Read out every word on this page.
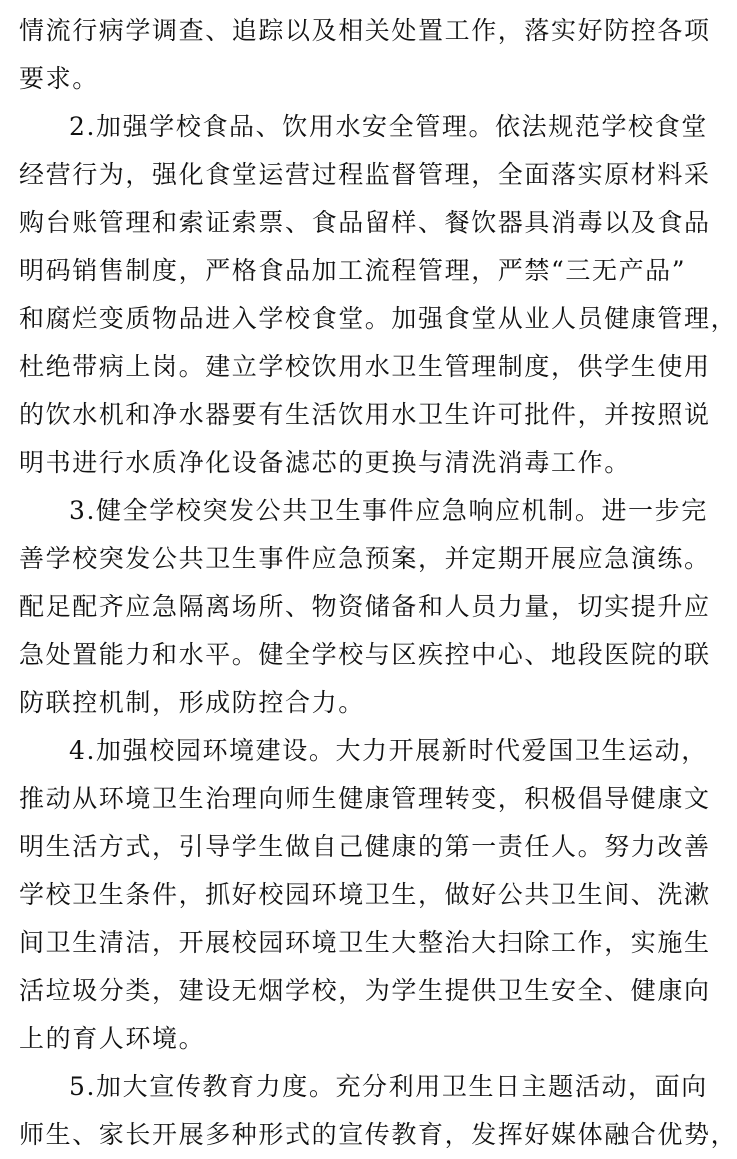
情流行病学调查、追踪以及相关处置工作，落实好防控各项
要求。
2.加强学校食品、饮用水安全管理。依法规范学校食堂
经营行为，强化食堂运营过程监督管理，全面落实原材料采
购台账管理和索证索票、食品留样、餐饮器具消毒以及食品
明码销售制度，严格食品加工流程管理，严禁“三无产品”
和腐烂变质物品进入学校食堂。加强食堂从业人员健康管理，
杜绝带病上岗。建立学校饮用水卫生管理制度，供学生使用
的饮水机和净水器要有生活饮用水卫生许可批件，并按照说
明书进行水质净化设备滤芯的更换与清洗消毒工作。
3.健全学校突发公共卫生事件应急响应机制。进一步完
善学校突发公共卫生事件应急预案，并定期开展应急演练。
配足配齐应急隔离场所、物资储备和人员力量，切实提升应
急处置能力和水平。健全学校与区疾控中心、地段医院的联
防联控机制，形成防控合力。
4.加强校园环境建设。大力开展新时代爱国卫生运动，
推动从环境卫生治理向师生健康管理转变，积极倡导健康文
明生活方式，引导学生做自己健康的第一责任人。努力改善
学校卫生条件，抓好校园环境卫生，做好公共卫生间、洗漱
间卫生清洁，开展校园环境卫生大整治大扫除工作，实施生
活垃圾分类，建设无烟学校，为学生提供卫生安全、健康向
上的育人环境。
5.加大宣传教育力度。充分利用卫生日主题活动，面向
师生、家长开展多种形式的宣传教育，发挥好媒体融合优势，
